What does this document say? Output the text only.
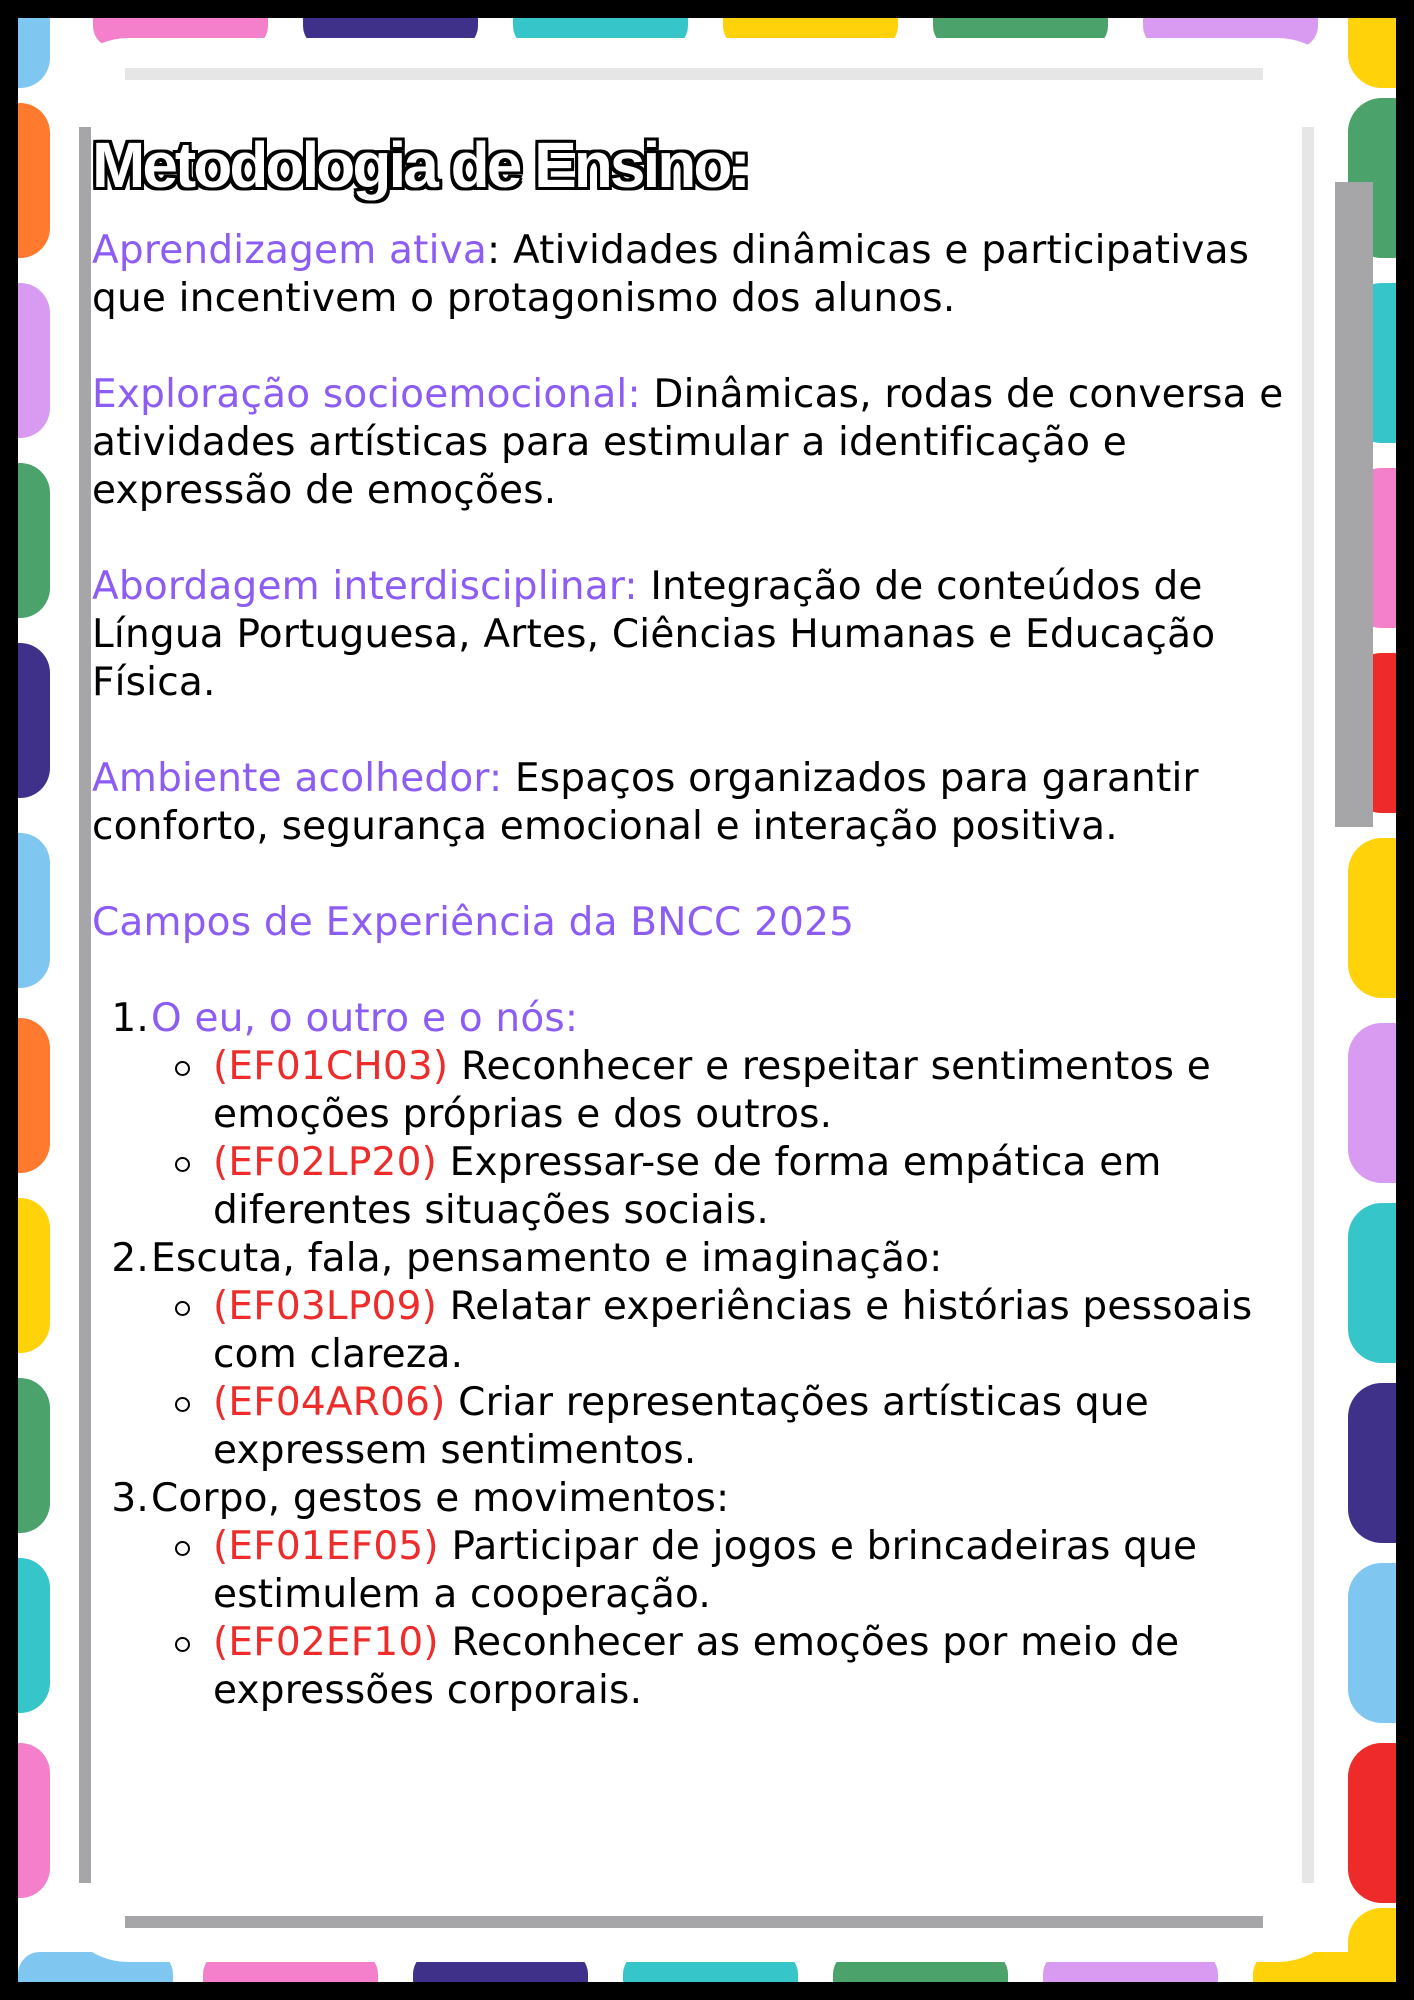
Metodologia de Ensino:

Aprendizagem ativa: Atividades dinâmicas e participativas que incentivem o protagonismo dos alunos.

Exploração socioemocional: Dinâmicas, rodas de conversa e atividades artísticas para estimular a identificação e expressão de emoções.

Abordagem interdisciplinar: Integração de conteúdos de Língua Portuguesa, Artes, Ciências Humanas e Educação Física.

Ambiente acolhedor: Espaços organizados para garantir conforto, segurança emocional e interação positiva.

Campos de Experiência da BNCC 2025

O eu, o outro e o nós:
(EF01CH03) Reconhecer e respeitar sentimentos e emoções próprias e dos outros.
(EF02LP20) Expressar-se de forma empática em diferentes situações sociais.
Escuta, fala, pensamento e imaginação:
(EF03LP09) Relatar experiências e histórias pessoais com clareza.
(EF04AR06) Criar representações artísticas que expressem sentimentos.
Corpo, gestos e movimentos:
(EF01EF05) Participar de jogos e brincadeiras que estimulem a cooperação.
(EF02EF10) Reconhecer as emoções por meio de expressões corporais.
